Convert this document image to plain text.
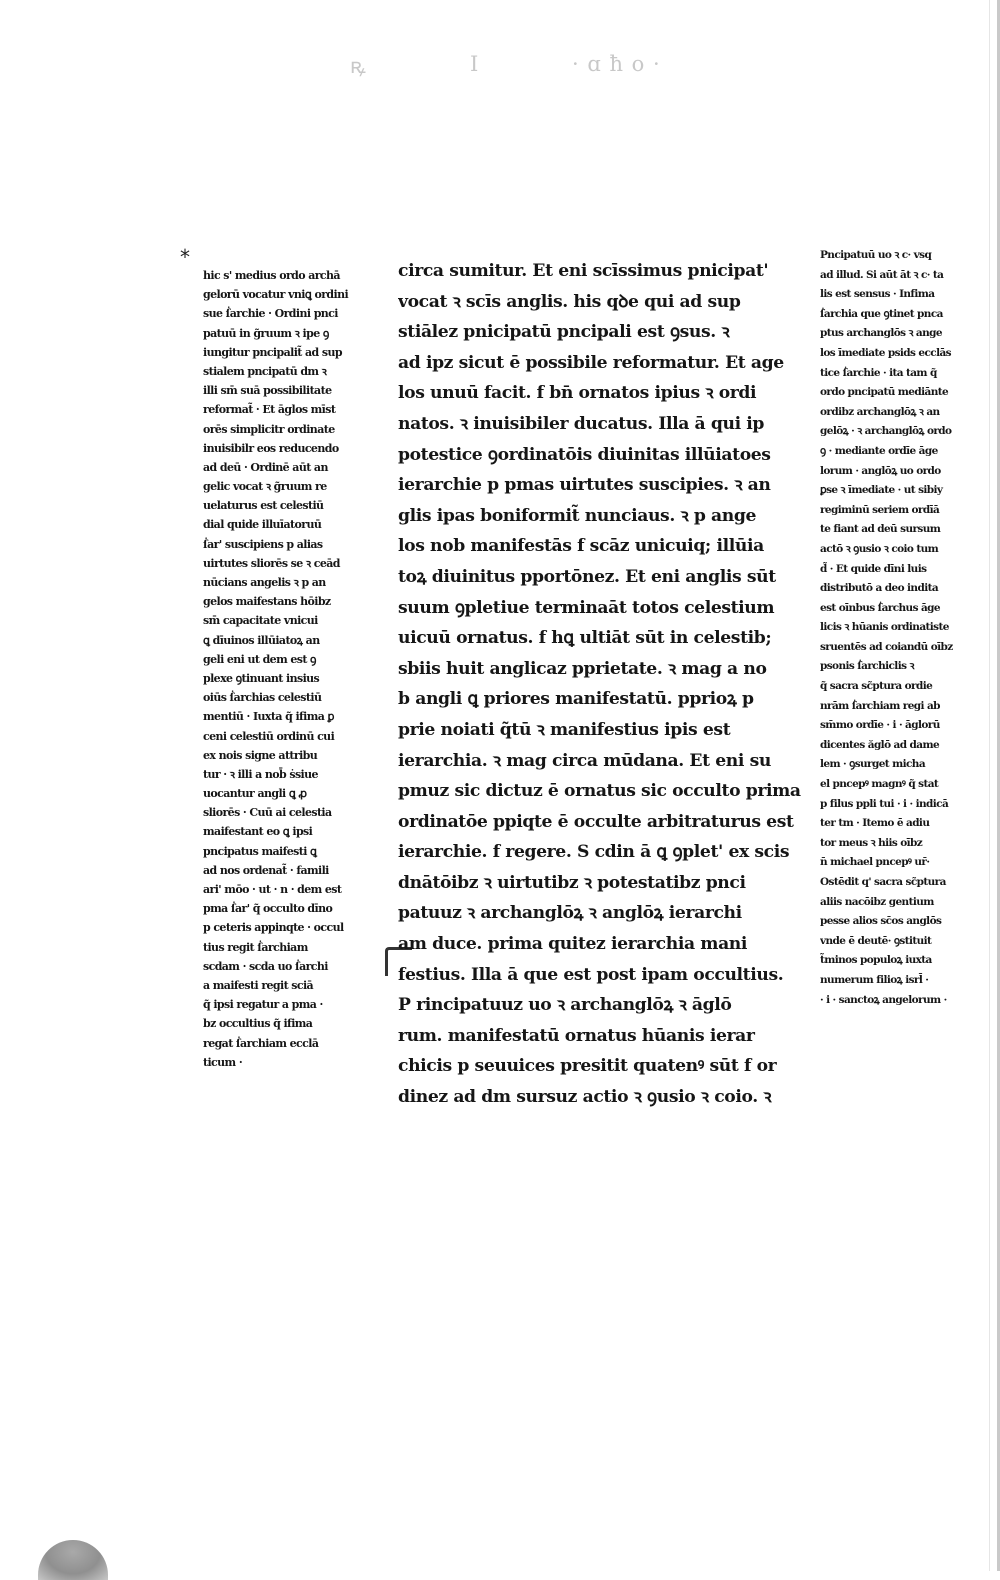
ꝶ	I	· ɑ ħ o ·
*
hic s' medius ordo archā
gelorū vocatur vniꝗ ordini
sue ẛarchie · Ordini pnci
patuū in g̃ruum ꝛ ipe ꝯ
iungitur pncipalit̃ ad sup
stialem pncipatū dm ꝛ
illi sm̄ suā possibilitate
reformat̃ · Et āglos mīst
orēs simplicitr ordinate
inuisibilr eos reducendo
ad deū · Ordinē aūt an
gelic vocat ꝛ g̃ruum re
uelaturus est celestiū
dial quide illuīatoruū
ẛar' suscipiens p alias
uirtutes sliorēs se ꝛ ceād
nūcians angelis ꝛ p an
gelos maifestans hōibz
sm̄ capacitate vnicui
ꝗ dīuinos illūiatoꝝ an
geli eni ut dem est ꝯ
plexe ꝯtinuant insius
oiūs ẛarchias celestiū
mentiū · Iuxta q̃ ifima ꝑ
ceni celestiū ordinū cui
ex nois signe attribu
tur · ꝛ illi a nob̄ ṡsiue
uocantur angli ꝗ ꝓ
sliorēs · Cuū ai celestia
maifestant eo ꝗ ipsi
pncipatus maifesti ꝗ
ad nos ordenat̃ · famili
ari' mōo · ut · n · dem est
pma ẛar' q̃ occulto dīno
p ceteris appinqte · occul
tius regit ẛarchiam
scdam · scda uo ẛarchi
a maifesti regit sciā
q̃ ipsi regatur a pma ·
bz occultius q̃ ifima
regat ẛarchiam ecclā
ticum ·
circa sumitur. Et eni scīssimus pnicipat'
vocat ꝛ scīs anglis. his qꝺe qui ad sup
stiālez pnicipatū pncipali est ꝯsus. ꝛ
ad ipz sicut ē possibile reformatur. Et age
los unuū facit. f bn̄ ornatos ipius ꝛ ordi
natos. ꝛ inuisibiler ducatus. Illa ā qui ip
potestice ꝯordinatōis diuinitas illūiatoes
ierarchie p pmas uirtutes suscipies. ꝛ an
glis ipas boniformit̃ nunciaus. ꝛ p ange
los nob manifestās f scāz unicuiq; illūia
toꝝ diuinitus pportōnez. Et eni anglis sūt
suum ꝯpletiue terminaāt totos celestium
uicuū ornatus. f hꝗ ultiāt sūt in celestib;
sbiis huit anglicaz pprietate. ꝛ mag a no
b angli ꝗ priores manifestatū. pprioꝝ p
prie noiati q̃tū ꝛ manifestius ipis est
ierarchia. ꝛ mag circa mūdana. Et eni su
pmuz sic dictuz ē ornatus sic occulto prima
ordinatōe ppiqte ē occulte arbitraturus est
ierarchie. f regere. S cdin ā ꝗ ꝯplet' ex scis
dnātōibz ꝛ uirtutibz ꝛ potestatibz pnci
patuuz ꝛ archanglōꝝ ꝛ anglōꝝ ierarchi
am duce. prima quitez ierarchia mani
festius. Illa ā que est post ipam occultius.
P rincipatuuz uo ꝛ archanglōꝝ ꝛ āglō
rum. manifestatū ornatus hūanis ierar
chicis p seuuices presitit quatenꝰ sūt f or
dinez ad dm sursuz actio ꝛ ꝯusio ꝛ coio. ꝛ
Pncipatuū uo ꝛ c· vsq
ad illud. Si aūt āt ꝛ c· ta
lis est sensus · Infima
ẛarchia que ꝯtinet pnca
ptus archanglōs ꝛ ange
los īmediate psids ecclās
tice ẛarchie · ita tam q̃
ordo pncipatū mediānte
ordibz archanglōꝝ ꝛ an
gelōꝝ · ꝛ archanglōꝝ ordo
ꝯ · mediante ordīe āge
lorum · anglōꝝ uo ordo
ꝑse ꝛ īmediate · ut sibiy
regiminū seriem ordīā
te fiant ad deū sursum
actō ꝛ ꝯusio ꝛ coio tum
d̃ · Et quide dīni luis
distributō a deo indita
est oīnbus ẛarchus āge
licis ꝛ hūanis ordinatiste
sruentēs ad coiandū oībz
psonis ẛarchiclis ꝛ
q̃ sacra sc̃ptura ordie
nrām ẛarchiam regi ab
sm̄mo ordīe · i · āglorū
dicentes ăglō ad dame
lem · ꝯsurget micha
el pncepꝰ magnꝰ q̃ stat
p filus ppli tui · i · indicā
ter tm · Itemo ē adiu
tor meus ꝛ hiis oībz
n̄ michael pncepꝰ ur̄·
Ostēdit q' sacra sc̃ptura
aliis nacōibz gentium
pesse alios sc̄os anglōs
vnde ē deutē· ꝯstituit
t̃minos populoꝝ iuxta
numerum filioꝝ isrl̄ ·
· i · sanctoꝝ angelorum ·
